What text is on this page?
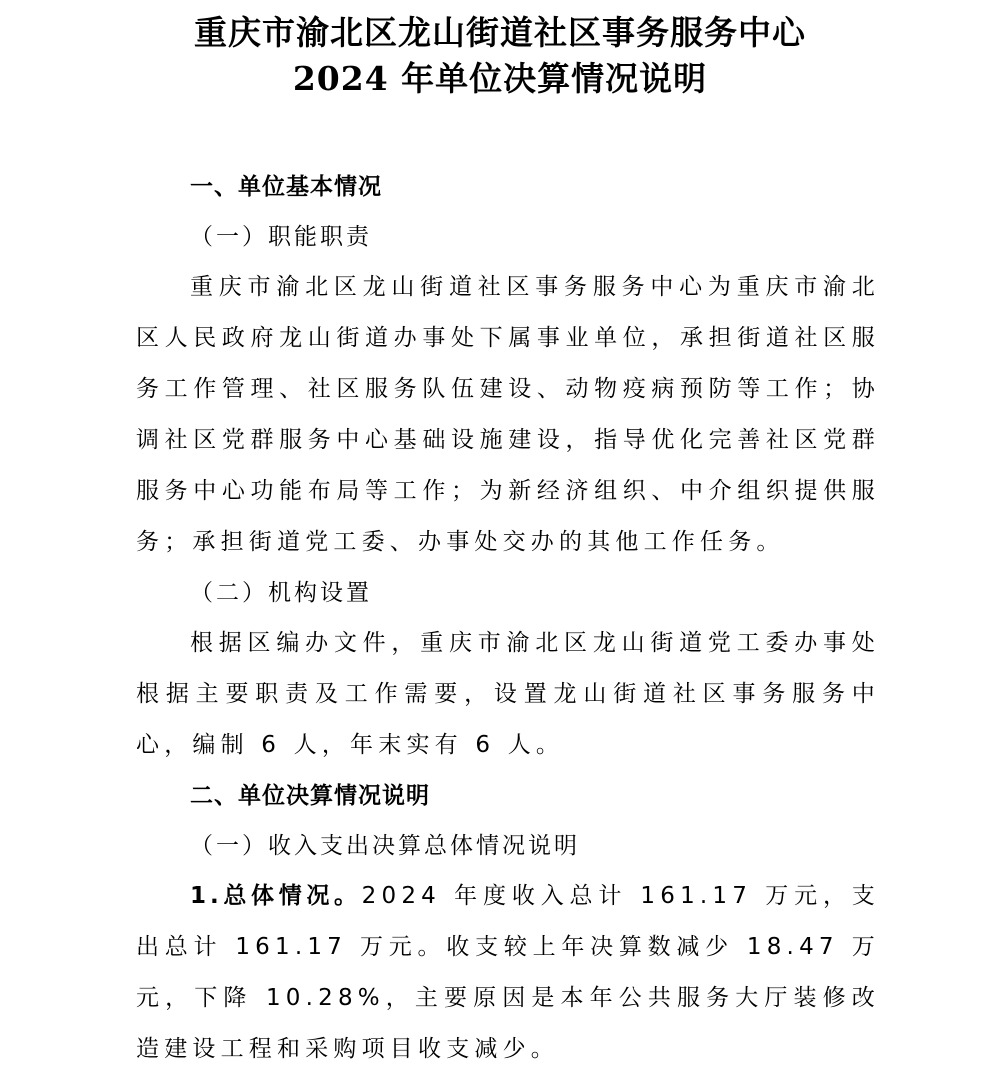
重庆市渝北区龙山街道社区事务服务中心

2024 年单位决算情况说明

一、单位基本情况

（一）职能职责

重庆市渝北区龙山街道社区事务服务中心为重庆市渝北区人民政府龙山街道办事处下属事业单位，承担街道社区服务工作管理、社区服务队伍建设、动物疫病预防等工作；协调社区党群服务中心基础设施建设，指导优化完善社区党群服务中心功能布局等工作；为新经济组织、中介组织提供服务；承担街道党工委、办事处交办的其他工作任务。

（二）机构设置

根据区编办文件，重庆市渝北区龙山街道党工委办事处根据主要职责及工作需要，设置龙山街道社区事务服务中心，编制 6 人，年末实有 6 人。

二、单位决算情况说明

（一）收入支出决算总体情况说明

1.总体情况。2024 年度收入总计 161.17 万元，支出总计 161.17 万元。收支较上年决算数减少 18.47 万元，下降 10.28%，主要原因是本年公共服务大厅装修改造建设工程和采购项目收支减少。
